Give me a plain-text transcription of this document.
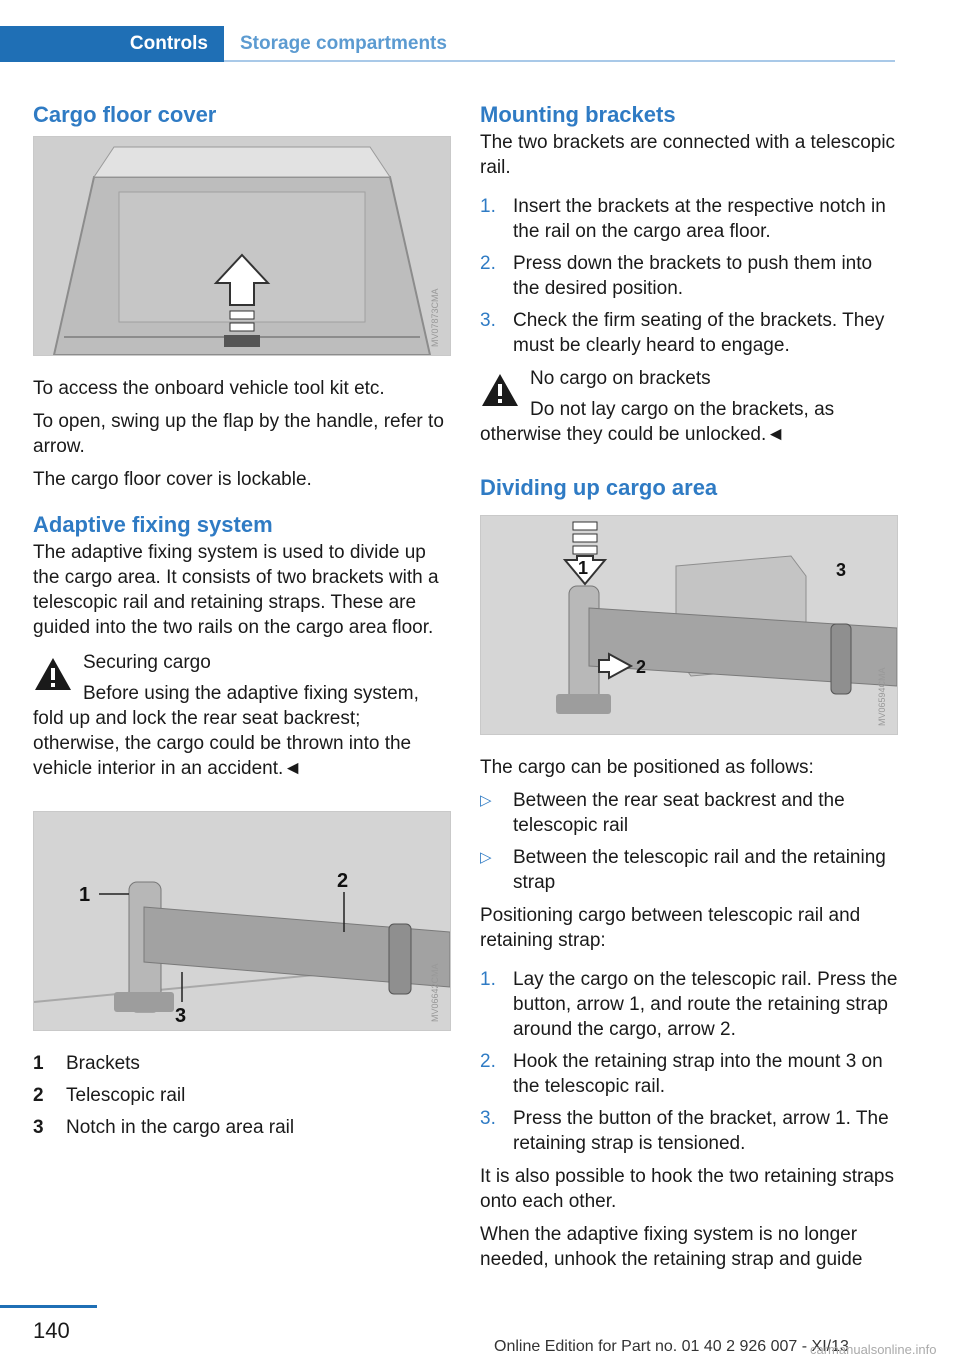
Controls	Storage compartments
Cargo floor cover
MV07873CMA

To access the onboard vehicle tool kit etc.

To open, swing up the flap by the handle, refer to arrow.

The cargo floor cover is lockable.

Adaptive fixing system

The adaptive fixing system is used to divide up the cargo area. It consists of two brackets with a telescopic rail and retaining straps. These are guided into the two rails on the cargo area floor.

Securing cargo
Before using the adaptive fixing system, fold up and lock the rear seat backrest; otherwise, the cargo could be thrown into the vehicle interior in an accident.◄
1
2
3	MV06642CMA
1	Brackets
2	Telescopic rail
3	Notch in the cargo area rail
Mounting brackets

The two brackets are connected with a telescopic rail.

1. Insert the brackets at the respective notch in the rail on the cargo area floor.
2. Press down the brackets to push them into the desired position.
3. Check the firm seating of the brackets. They must be clearly heard to engage.
No cargo on brackets
Do not lay cargo on the brackets, as otherwise they could be unlocked.◄
Dividing up cargo area
1
2
3
MV06594CMA

The cargo can be positioned as follows:

▷ Between the rear seat backrest and the telescopic rail
▷ Between the telescopic rail and the retaining strap

Positioning cargo between telescopic rail and retaining strap:

1. Lay the cargo on the telescopic rail. Press the button, arrow 1, and route the retaining strap around the cargo, arrow 2.
2. Hook the retaining strap into the mount 3 on the telescopic rail.
3. Press the button of the bracket, arrow 1. The retaining strap is tensioned.

It is also possible to hook the two retaining straps onto each other.

When the adaptive fixing system is no longer needed, unhook the retaining strap and guide

140
Online Edition for Part no. 01 40 2 926 007 - XI/13
carmanualsonline.info
